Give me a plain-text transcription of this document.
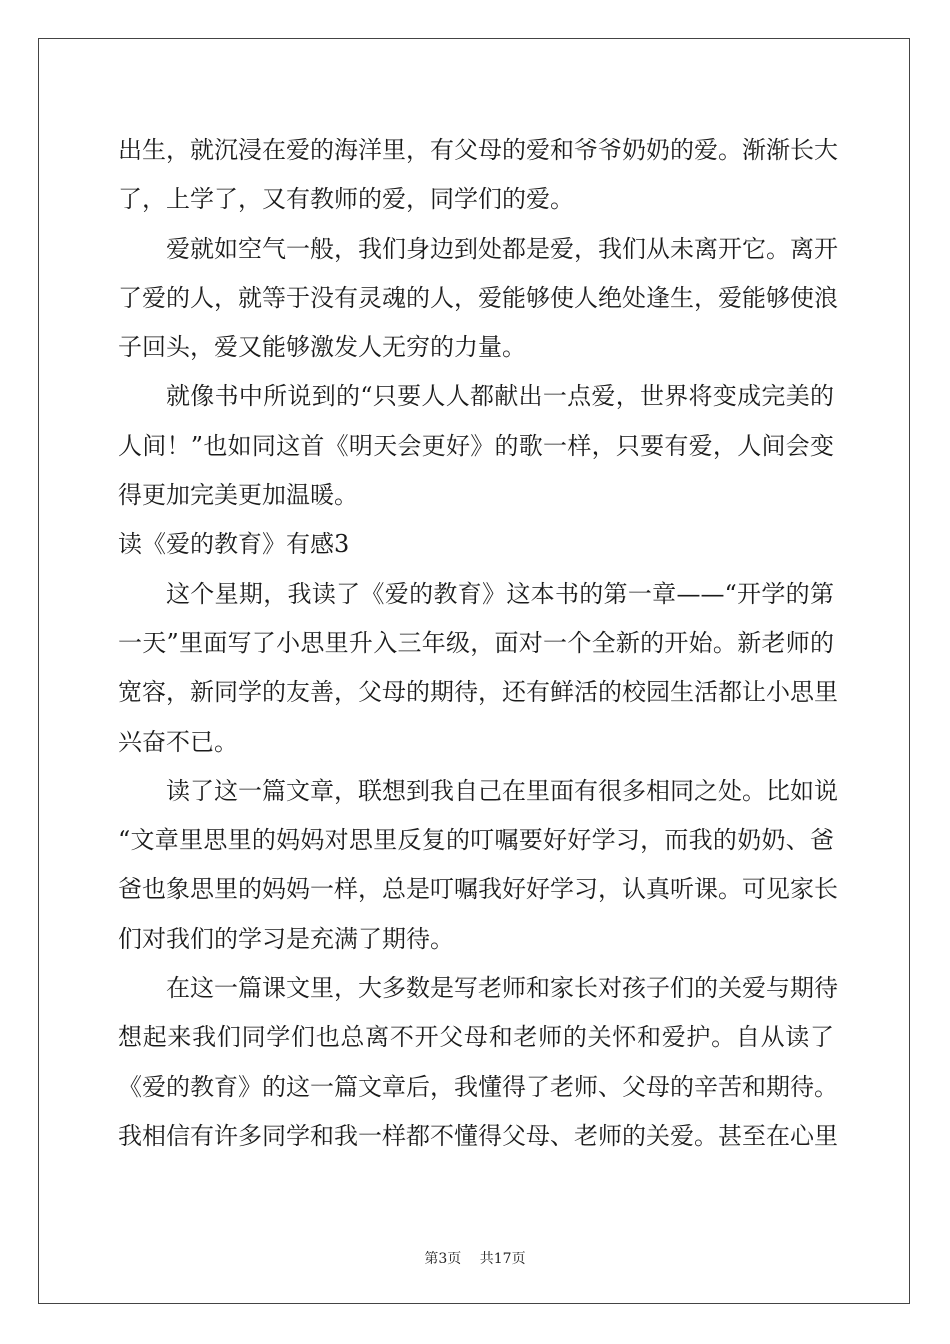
出生，就沉浸在爱的海洋里，有父母的爱和爷爷奶奶的爱。渐渐长大
了，上学了，又有教师的爱，同学们的爱。
爱就如空气一般，我们身边到处都是爱，我们从未离开它。离开
了爱的人，就等于没有灵魂的人，爱能够使人绝处逢生，爱能够使浪
子回头，爱又能够激发人无穷的力量。
就像书中所说到的“只要人人都献出一点爱，世界将变成完美的
人间！”也如同这首《明天会更好》的歌一样，只要有爱，人间会变
得更加完美更加温暖。
读《爱的教育》有感3
这个星期，我读了《爱的教育》这本书的第一章——“开学的第
一天”里面写了小思里升入三年级，面对一个全新的开始。新老师的
宽容，新同学的友善，父母的期待，还有鲜活的校园生活都让小思里
兴奋不已。
读了这一篇文章，联想到我自己在里面有很多相同之处。比如说
“文章里思里的妈妈对思里反复的叮嘱要好好学习，而我的奶奶、爸
爸也象思里的妈妈一样，总是叮嘱我好好学习，认真听课。可见家长
们对我们的学习是充满了期待。
在这一篇课文里，大多数是写老师和家长对孩子们的关爱与期待
想起来我们同学们也总离不开父母和老师的关怀和爱护。自从读了
《爱的教育》的这一篇文章后，我懂得了老师、父母的辛苦和期待。
我相信有许多同学和我一样都不懂得父母、老师的关爱。甚至在心里
第3页 共17页
